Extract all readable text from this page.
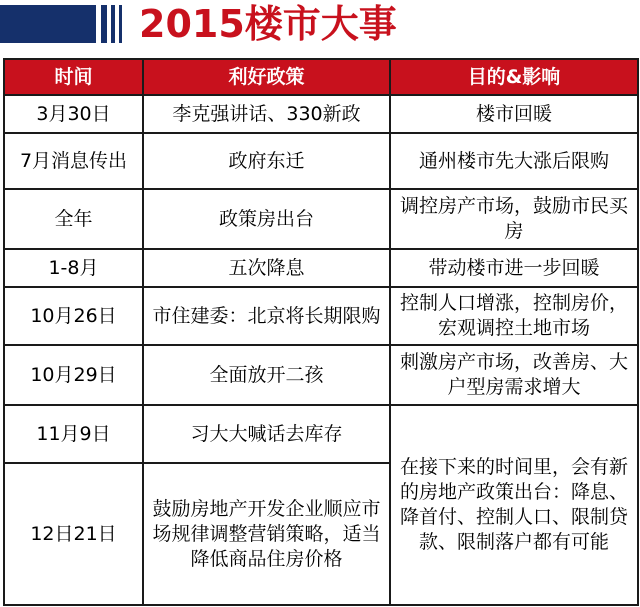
2015楼市大事
时间	利好政策	目的&影响
3月30日	李克强讲话、330新政	楼市回暖
7月消息传出	政府东迁	通州楼市先大涨后限购
全年	政策房出台	调控房产市场，鼓励市民买房
1-8月	五次降息	带动楼市进一步回暖
10月26日	市住建委：北京将长期限购	控制人口增涨，控制房价，宏观调控土地市场
10月29日	全面放开二孩	刺激房产市场，改善房、大户型房需求增大
11月9日	习大大喊话去库存	在接下来的时间里，会有新的房地产政策出台：降息、降首付、控制人口、限制贷款、限制落户都有可能
12日21日	鼓励房地产开发企业顺应市场规律调整营销策略，适当降低商品住房价格	
